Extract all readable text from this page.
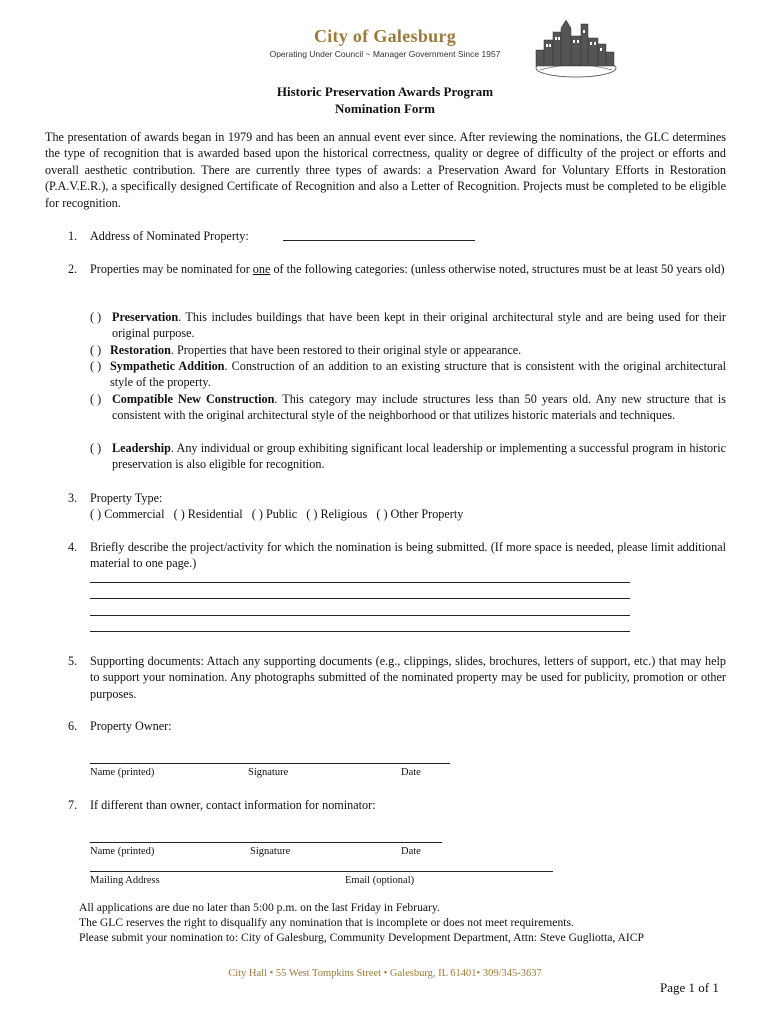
City of Galesburg
Operating Under Council ~ Manager Government Since 1957
Historic Preservation Awards Program
Nomination Form
The presentation of awards began in 1979 and has been an annual event ever since. After reviewing the nominations, the GLC determines the type of recognition that is awarded based upon the historical correctness, quality or degree of difficulty of the project or efforts and overall aesthetic contribution. There are currently three types of awards: a Preservation Award for Voluntary Efforts in Restoration (P.A.V.E.R.), a specifically designed Certificate of Recognition and also a Letter of Recognition. Projects must be completed to be eligible for recognition.
1. Address of Nominated Property:
2. Properties may be nominated for one of the following categories: (unless otherwise noted, structures must be at least 50 years old)
( ) Preservation. This includes buildings that have been kept in their original architectural style and are being used for their original purpose.
( ) Restoration. Properties that have been restored to their original style or appearance.
( ) Sympathetic Addition. Construction of an addition to an existing structure that is consistent with the original architectural style of the property.
( ) Compatible New Construction. This category may include structures less than 50 years old. Any new structure that is consistent with the original architectural style of the neighborhood or that utilizes historic materials and techniques.
( ) Leadership. Any individual or group exhibiting significant local leadership or implementing a successful program in historic preservation is also eligible for recognition.
3. Property Type:
( ) Commercial   ( ) Residential   ( ) Public   ( ) Religious   ( ) Other Property
4. Briefly describe the project/activity for which the nomination is being submitted. (If more space is needed, please limit additional material to one page.)
5. Supporting documents: Attach any supporting documents (e.g., clippings, slides, brochures, letters of support, etc.) that may help to support your nomination. Any photographs submitted of the nominated property may be used for publicity, promotion or other purposes.
6. Property Owner:
Name (printed)	Signature	Date
7. If different than owner, contact information for nominator:
Name (printed)	Signature	Date
Mailing Address	Email (optional)
All applications are due no later than 5:00 p.m. on the last Friday in February.
The GLC reserves the right to disqualify any nomination that is incomplete or does not meet requirements.
Please submit your nomination to: City of Galesburg, Community Development Department, Attn: Steve Gugliotta, AICP
City Hall • 55 West Tompkins Street • Galesburg, IL 61401• 309/345-3637
Page 1 of 1
